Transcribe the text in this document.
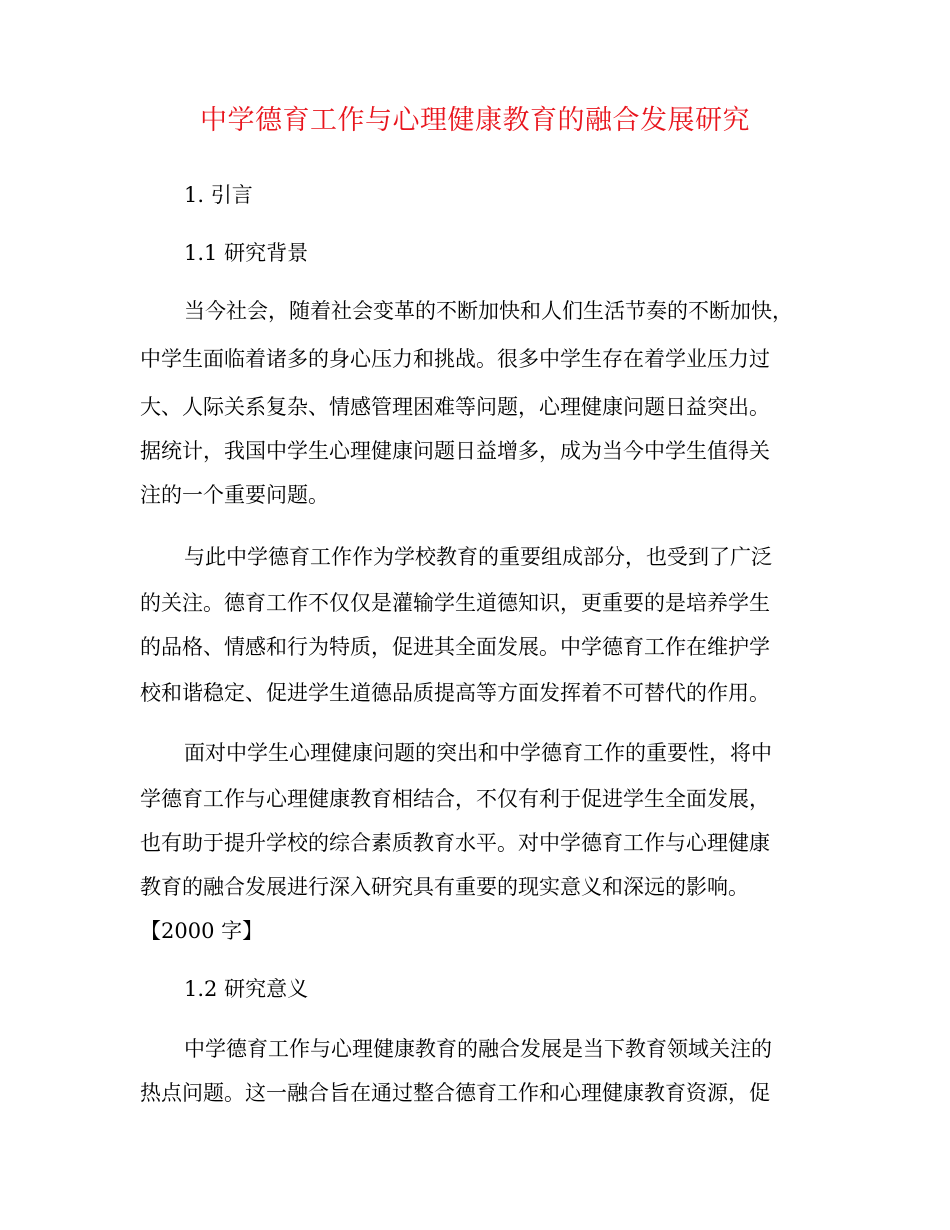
中学德育工作与心理健康教育的融合发展研究
1. 引言
1.1 研究背景
当今社会，随着社会变革的不断加快和人们生活节奏的不断加快，
中学生面临着诸多的身心压力和挑战。很多中学生存在着学业压力过
大、人际关系复杂、情感管理困难等问题，心理健康问题日益突出。
据统计，我国中学生心理健康问题日益增多，成为当今中学生值得关
注的一个重要问题。
与此中学德育工作作为学校教育的重要组成部分，也受到了广泛
的关注。德育工作不仅仅是灌输学生道德知识，更重要的是培养学生
的品格、情感和行为特质，促进其全面发展。中学德育工作在维护学
校和谐稳定、促进学生道德品质提高等方面发挥着不可替代的作用。
面对中学生心理健康问题的突出和中学德育工作的重要性，将中
学德育工作与心理健康教育相结合，不仅有利于促进学生全面发展，
也有助于提升学校的综合素质教育水平。对中学德育工作与心理健康
教育的融合发展进行深入研究具有重要的现实意义和深远的影响。
【2000 字】
1.2 研究意义
中学德育工作与心理健康教育的融合发展是当下教育领域关注的
热点问题。这一融合旨在通过整合德育工作和心理健康教育资源，促
